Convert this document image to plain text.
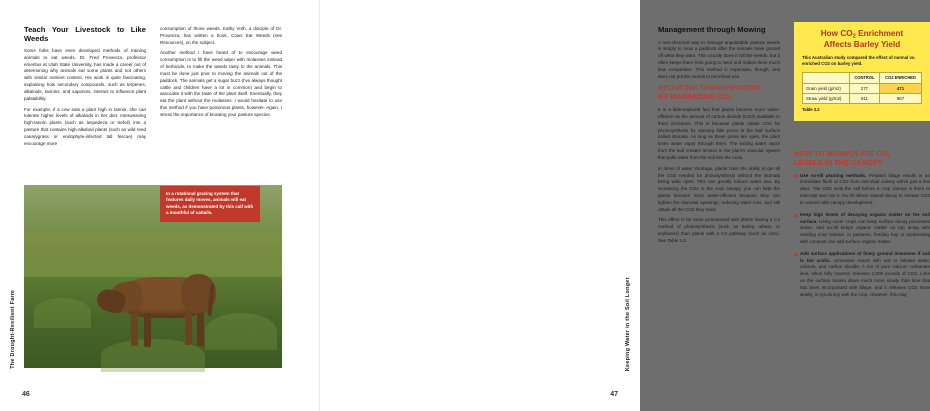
The Drought-Resilient Farm
46
Teach Your Livestock to Like Weeds

Some folks have even developed methods of training animals to eat weeds. Dr. Fred Provenza, professor emeritus at Utah State University, has made a career out of determining why animals eat some plants and not others with similar nutrient content. His work is quite fascinating, explaining how secondary compounds, such as terpenes, alkaloids, tannins, and saponins, interact to influence plant palatability.

For example, if a cow eats a plant high in tannin, she can tolerate higher levels of alkaloids in her diet. Interweaving high-tannin plants (such as lespedeza or trefoil) into a pasture that contains high-alkaloid plants (such as wild reed canarygrass or endophyte-infected tall fescue) may encourage more

consumption of those weeds. Kathy Voth, a disciple of Dr. Provenza, has written a book, Cows Eat Weeds (see Resources), on the subject.

Another method I have heard of to encourage weed consumption is to fill the weed wiper with molasses instead of herbicide, to make the weeds tasty to the animals. This must be done just prior to moving the animals out of the paddock. The animals get a sugar buzz (I've always thought cattle and children have a lot in common) and begin to associate it with the taste of the plant itself. Eventually, they eat the plant without the molasses. I would hesitate to use this method if you have poisonous plants, however. Again, I stress the importance of knowing your pasture species.

In a rotational grazing system that features daily moves, animals will eat weeds, as demonstrated by this calf with a mouthful of cattails.
Keeping Water in the Soil Longer
47
Management through Mowing

A non-chemical way to manage unpalatable pasture weeds is simply to mow a paddock after the animals have grazed off what they want. This usually doesn't kill the weeds, but it often keeps them from going to seed and makes them much less competitive. This method is expensive, though, and does not put the weeds to beneficial use.

REDUCING TRANSPIRATION
BY MAXIMIZING $CO_2$

It is a little-explored fact that plants become more water-efficient as the amount of carbon dioxide (CO2) available to them increases. This is because plants obtain CO2 for photosynthesis by opening little pores in the leaf surface called stomata. As long as these pores are open, the plant loses water vapor through them. The exiting water vapor from the leaf creates tension in the plant's vascular system that pulls water from the soil into the roots.

In times of water shortage, plants have the ability to get all the CO2 needed for photosynthesis without the stomata being wide open. This can greatly reduce water use. By increasing the CO2 in the crop canopy, you can help the plants become more water-efficient because they can tighten the stomatal openings, reducing water loss, and still obtain all the CO2 they need.

This effect is far more pronounced with plants having a C4 method of photosynthesis (such as barley, wheat, or soybeans) than plants with a C4 pathway (such as corn). See Table 3.2.

How $CO_2$ Enrichment
Affects Barley Yield
This Australian study compared the effect of normal vs. enriched CO2 on barley yield.
	CONTROL	CO2 ENRICHED
Grain yield (g/m2)	277	471
Straw yield (g/m2)	511	967
Table 3.2
HOW TO MANIPULATE $CO_2$
LEVELS IN THE CANOPY
Use no-till planting methods. Preplant tillage results in an immediate flush of CO2 from microbial activity within just a few days. The CO2 exits the soil before a crop canopy is there to intercept and use it. No-till allows natural decay to release CO2 in concert with canopy development.
Keep high levels of decaying organic matter on the soil surface. Using cover crops can keep surface decay processes active, and no-till keeps organic matter on top along with residing crop residue. In pastures, feeding hay or topdressing with compost can add surface organic matter.
Add surface applications of finely ground limestone if soil is too acidic. Limestone reacts with soil to release water, calcium, and carbon dioxide. A ton of pure calcium carbonate lime, when fully reacted, releases 1,200 pounds of CO2. Lime on the surface breaks down much more slowly than lime that has been incorporated with tillage, and it releases CO2 more slowly, in synchrony with the crop. However, this may
